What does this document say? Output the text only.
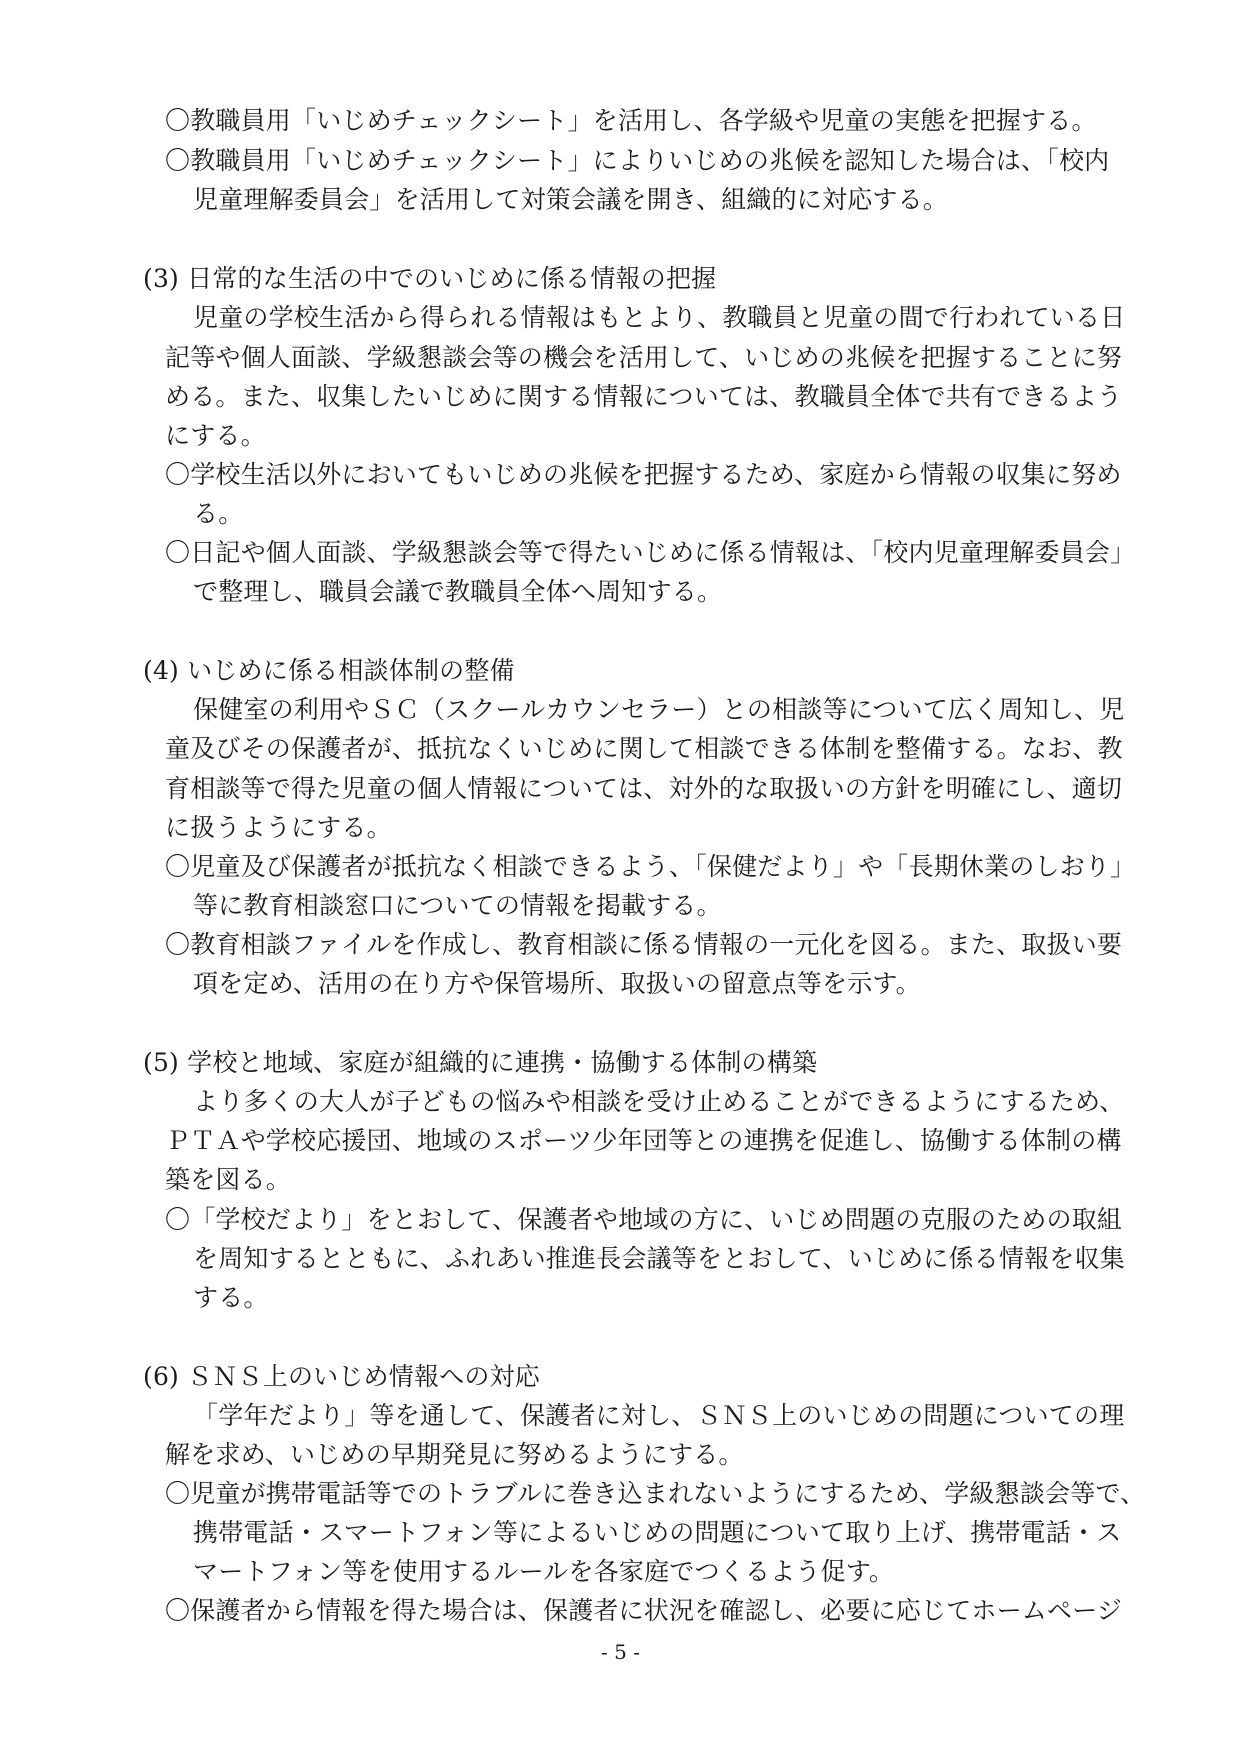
〇教職員用「いじめチェックシート」を活用し、各学級や児童の実態を把握する。
〇教職員用「いじめチェックシート」によりいじめの兆候を認知した場合は、「校内
児童理解委員会」を活用して対策会議を開き、組織的に対応する。
(3) 日常的な生活の中でのいじめに係る情報の把握
児童の学校生活から得られる情報はもとより、教職員と児童の間で行われている日
記等や個人面談、学級懇談会等の機会を活用して、いじめの兆候を把握することに努
める。また、収集したいじめに関する情報については、教職員全体で共有できるよう
にする。
〇学校生活以外においてもいじめの兆候を把握するため、家庭から情報の収集に努め
る。
〇日記や個人面談、学級懇談会等で得たいじめに係る情報は、「校内児童理解委員会」
で整理し、職員会議で教職員全体へ周知する。
(4) いじめに係る相談体制の整備
保健室の利用やＳＣ（スクールカウンセラー）との相談等について広く周知し、児
童及びその保護者が、抵抗なくいじめに関して相談できる体制を整備する。なお、教
育相談等で得た児童の個人情報については、対外的な取扱いの方針を明確にし、適切
に扱うようにする。
〇児童及び保護者が抵抗なく相談できるよう、「保健だより」や「長期休業のしおり」
等に教育相談窓口についての情報を掲載する。
〇教育相談ファイルを作成し、教育相談に係る情報の一元化を図る。また、取扱い要
項を定め、活用の在り方や保管場所、取扱いの留意点等を示す。
(5) 学校と地域、家庭が組織的に連携・協働する体制の構築
より多くの大人が子どもの悩みや相談を受け止めることができるようにするため、
ＰＴＡや学校応援団、地域のスポーツ少年団等との連携を促進し、協働する体制の構
築を図る。
〇「学校だより」をとおして、保護者や地域の方に、いじめ問題の克服のための取組
を周知するとともに、ふれあい推進長会議等をとおして、いじめに係る情報を収集
する。
(6) ＳＮＳ上のいじめ情報への対応
「学年だより」等を通して、保護者に対し、ＳＮＳ上のいじめの問題についての理
解を求め、いじめの早期発見に努めるようにする。
〇児童が携帯電話等でのトラブルに巻き込まれないようにするため、学級懇談会等で、
携帯電話・スマートフォン等によるいじめの問題について取り上げ、携帯電話・ス
マートフォン等を使用するルールを各家庭でつくるよう促す。
〇保護者から情報を得た場合は、保護者に状況を確認し、必要に応じてホームページ
- 5 -
